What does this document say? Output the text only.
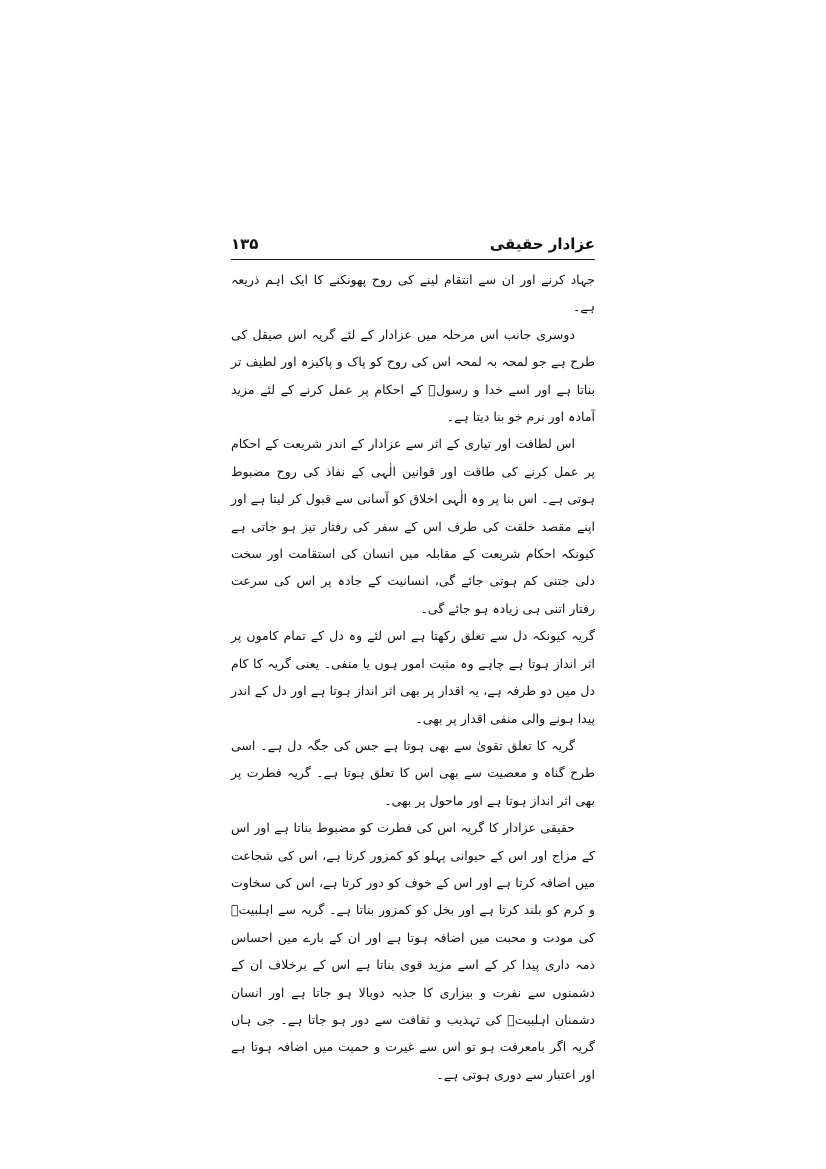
عزادار حقیقی
۱۳۵

جہاد کرنے اور ان سے انتقام لینے کی روح پھونکنے کا ایک اہم ذریعہ ہے۔

دوسری جانب اس مرحلہ میں عزادار کے لئے گریہ اس صیقل کی طرح ہے جو لمحہ بہ لمحہ اس کی روح کو پاک و پاکیزہ اور لطیف تر بناتا ہے اور اسے خدا و رسولؐ کے احکام پر عمل کرنے کے لئے مزید آمادہ اور نرم خو بنا دیتا ہے۔

اس لطافت اور تیاری کے اثر سے عزادار کے اندر شریعت کے احکام پر عمل کرنے کی طاقت اور قوانین الٰہی کے نفاذ کی روح مضبوط ہوتی ہے۔ اس بنا پر وہ الٰہی اخلاق کو آسانی سے قبول کر لیتا ہے اور اپنے مقصد خلقت کی طرف اس کے سفر کی رفتار تیز ہو جاتی ہے کیونکہ احکام شریعت کے مقابلہ میں انسان کی استقامت اور سخت دلی جتنی کم ہوتی جائے گی، انسانیت کے جادہ پر اس کی سرعت رفتار اتنی ہی زیادہ ہو جائے گی۔

گریہ کیونکہ دل سے تعلق رکھتا ہے اس لئے وہ دل کے تمام کاموں پر اثر انداز ہوتا ہے چاہے وہ مثبت امور ہوں یا منفی۔ یعنی گریہ کا کام دل میں دو طرفہ ہے، یہ اقدار پر بھی اثر انداز ہوتا ہے اور دل کے اندر پیدا ہونے والی منفی اقدار پر بھی۔

گریہ کا تعلق تقویٰ سے بھی ہوتا ہے جس کی جگہ دل ہے۔ اسی طرح گناہ و معصیت سے بھی اس کا تعلق ہوتا ہے۔ گریہ فطرت پر بھی اثر انداز ہوتا ہے اور ماحول پر بھی۔

حقیقی عزادار کا گریہ اس کی فطرت کو مضبوط بناتا ہے اور اس کے مزاج اور اس کے حیوانی پہلو کو کمزور کرتا ہے، اس کی شجاعت میں اضافہ کرتا ہے اور اس کے خوف کو دور کرتا ہے، اس کی سخاوت و کرم کو بلند کرتا ہے اور بخل کو کمزور بناتا ہے۔ گریہ سے اہلبیتؑ کی مودت و محبت میں اضافہ ہوتا ہے اور ان کے بارے میں احساس ذمہ داری پیدا کر کے اسے مزید قوی بناتا ہے اس کے برخلاف ان کے دشمنوں سے نفرت و بیزاری کا جذبہ دوبالا ہو جاتا ہے اور انسان دشمنان اہلبیتؑ کی تہذیب و ثقافت سے دور ہو جاتا ہے۔ جی ہاں گریہ اگر بامعرفت ہو تو اس سے غیرت و حمیت میں اضافہ ہوتا ہے اور اعتبار سے دوری ہوتی ہے۔
